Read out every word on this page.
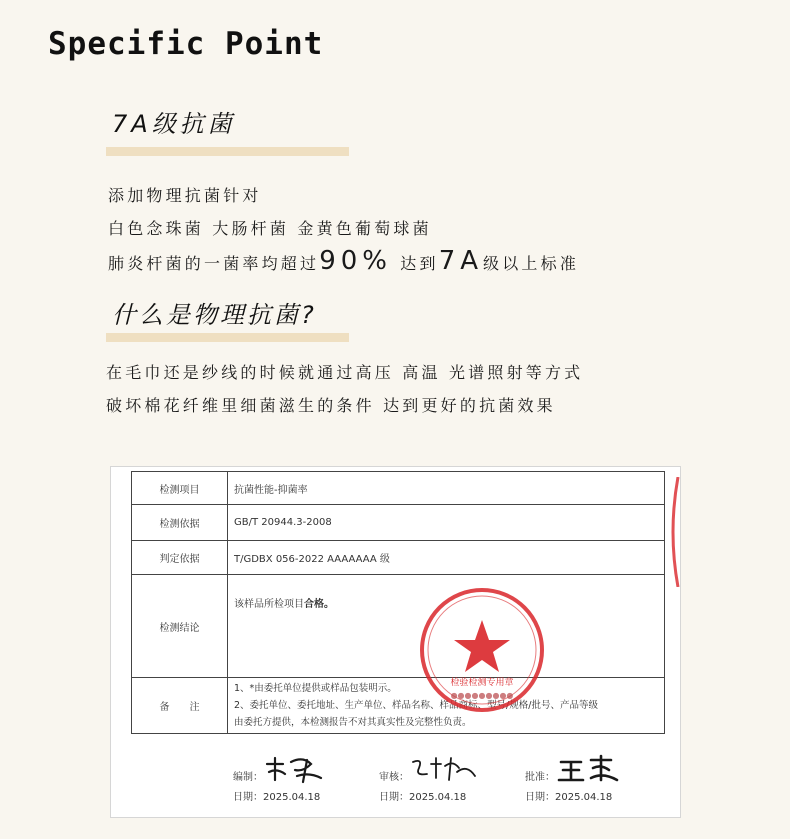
Specific Point
7A级抗菌
添加物理抗菌针对
白色念珠菌 大肠杆菌 金黄色葡萄球菌
肺炎杆菌的一菌率均超过90% 达到7A级以上标准
什么是物理抗菌?
在毛巾还是纱线的时候就通过高压 高温 光谱照射等方式
破坏棉花纤维里细菌滋生的条件 达到更好的抗菌效果
检测项目	抗菌性能-抑菌率
检测依据	GB/T 20944.3-2008
判定依据	T/GDBX 056-2022 AAAAAAA 级
检测结论	该样品所检项目合格。
备　　注	1、*由委托单位提供或样品包装明示。
2、委托单位、委托地址、生产单位、样品名称、样品商标、型号/规格/批号、产品等级
由委托方提供，本检测报告不对其真实性及完整性负责。
检验检测专用章
●●●●●●●●●
编制：
日期：2025.04.18
审核：
日期：2025.04.18
批准：
日期：2025.04.18
